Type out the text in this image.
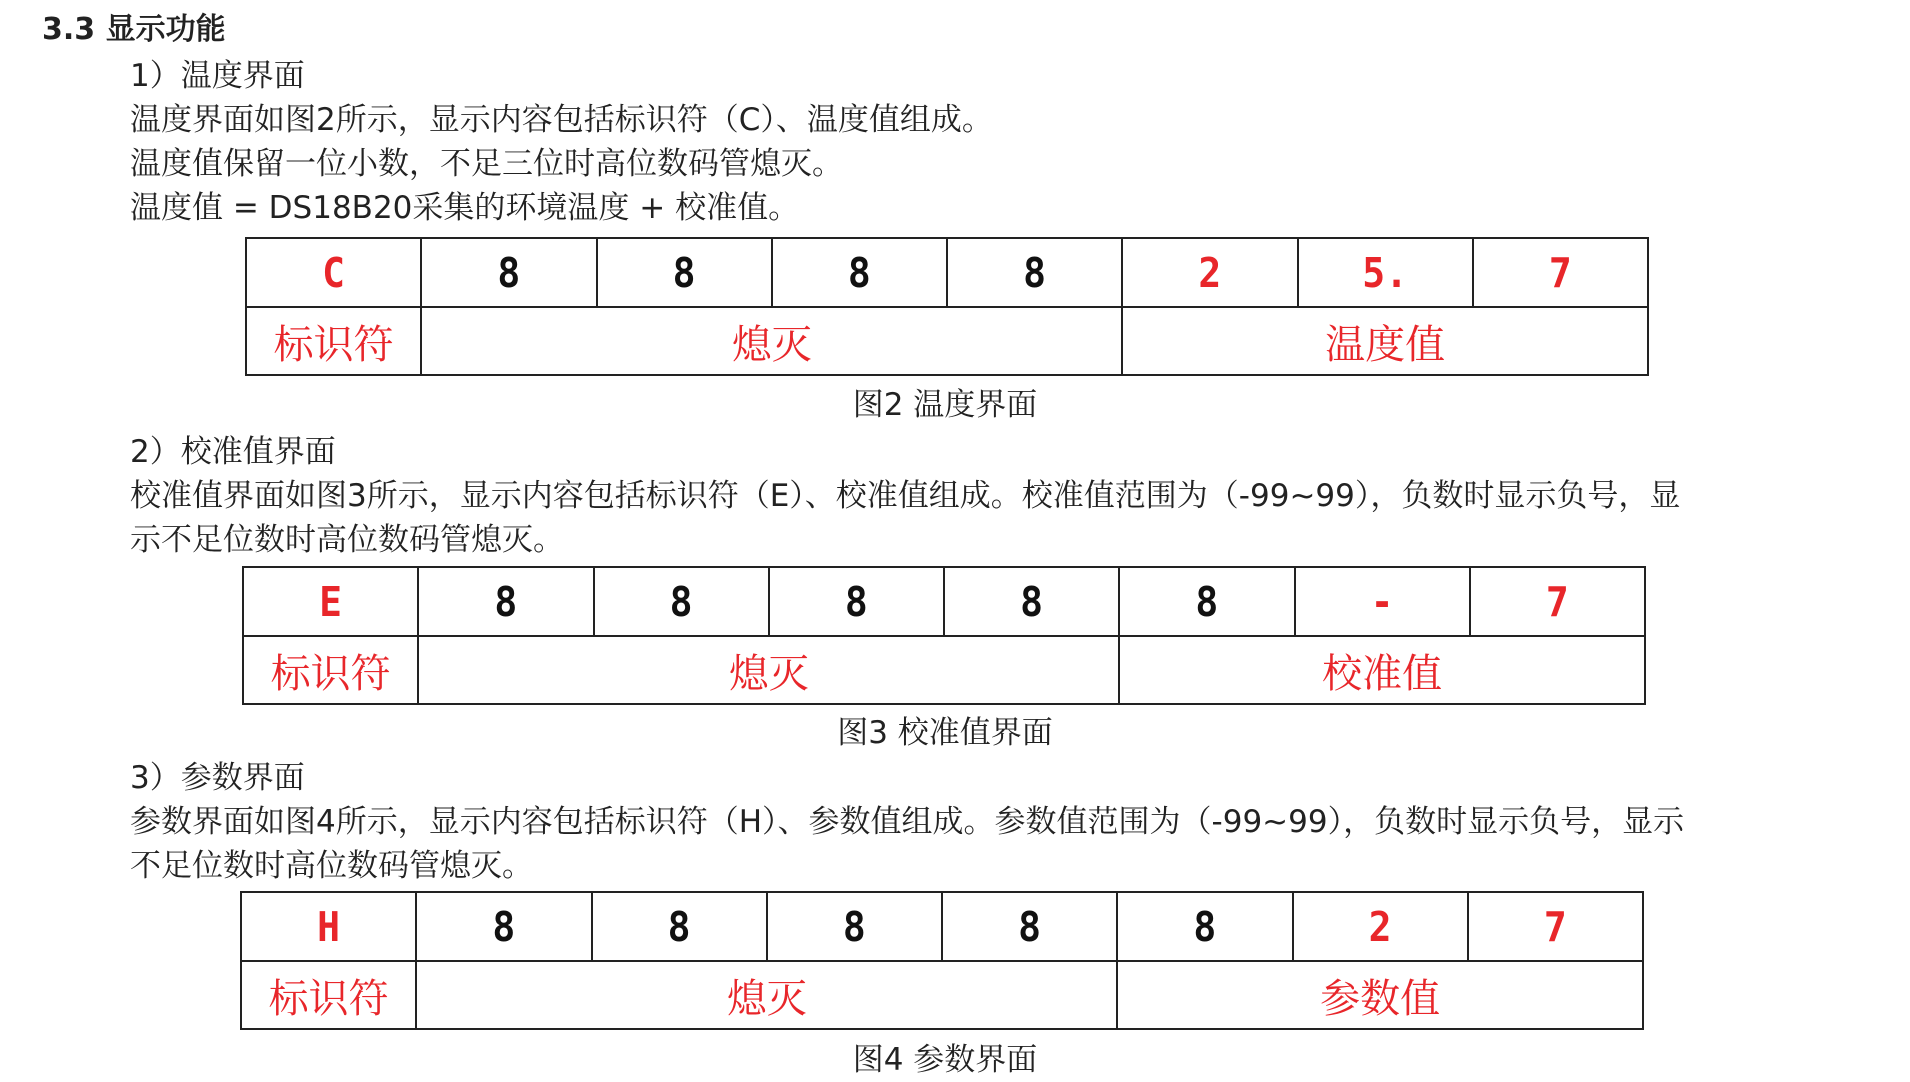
3.3 显示功能
1）温度界面
温度界面如图2所示，显示内容包括标识符（C）、温度值组成。
温度值保留一位小数，不足三位时高位数码管熄灭。
温度值 = DS18B20采集的环境温度 + 校准值。
C	8	8	8	8	2	5.	7
标识符	熄灭				温度值		
图2 温度界面
2）校准值界面
校准值界面如图3所示，显示内容包括标识符（E）、校准值组成。校准值范围为（-99~99），负数时显示负号，显
示不足位数时高位数码管熄灭。
E	8	8	8	8	8	-	7
标识符	熄灭				校准值		
图3 校准值界面
3）参数界面
参数界面如图4所示，显示内容包括标识符（H）、参数值组成。参数值范围为（-99~99），负数时显示负号，显示
不足位数时高位数码管熄灭。
H	8	8	8	8	8	2	7
标识符	熄灭				参数值		
图4 参数界面
